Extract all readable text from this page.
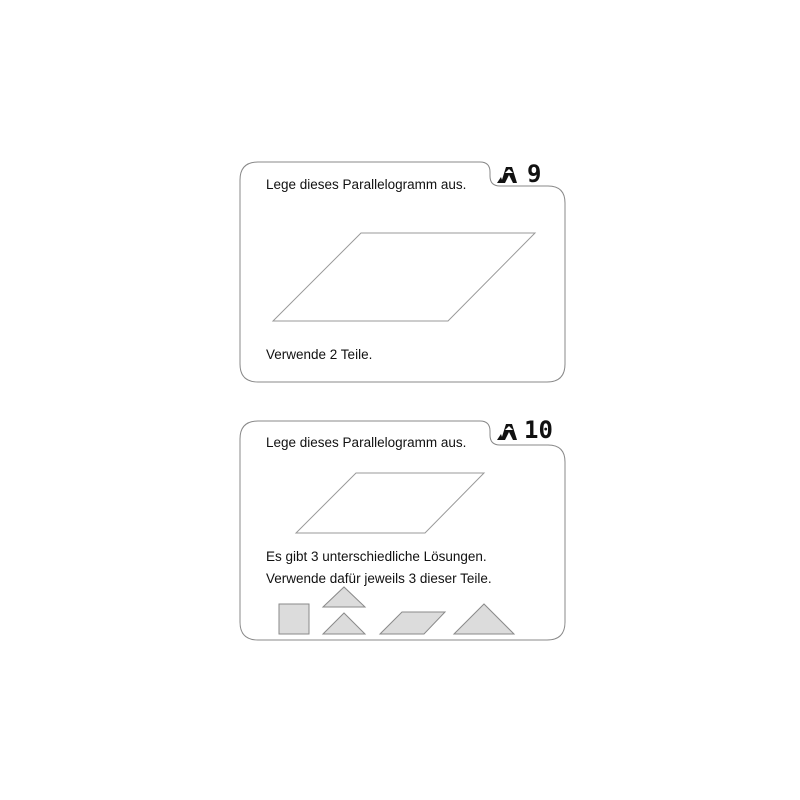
9
Lege dieses Parallelogramm aus.
Verwende 2 Teile.
10
Lege dieses Parallelogramm aus.
Es gibt 3 unterschiedliche Lösungen.
Verwende dafür jeweils 3 dieser Teile.
